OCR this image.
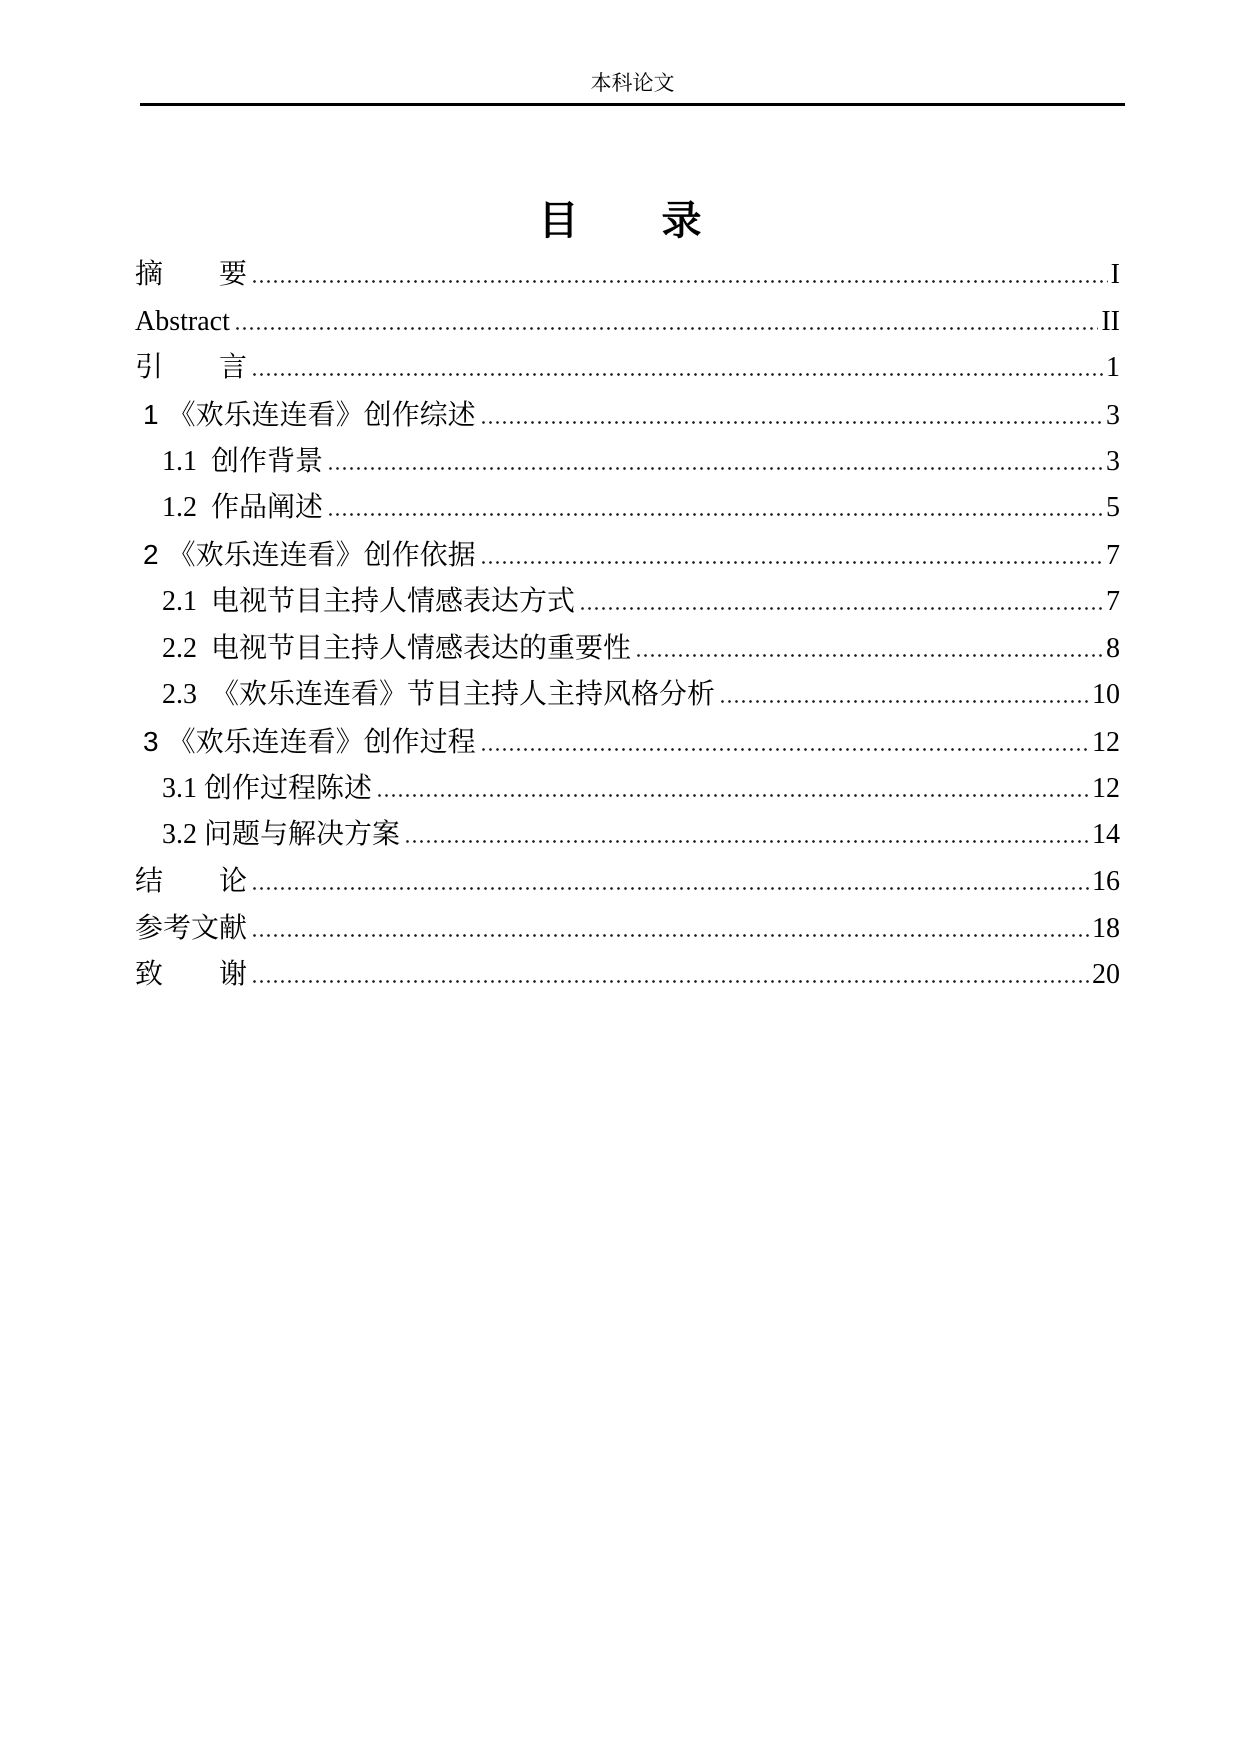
本科论文
目　　录
摘　　要	I
Abstract	II
引　　言	1
1 《欢乐连连看》创作综述	3
1.1  创作背景	3
1.2  作品阐述	5
2 《欢乐连连看》创作依据	7
2.1  电视节目主持人情感表达方式	7
2.2  电视节目主持人情感表达的重要性	8
2.3  《欢乐连连看》节目主持人主持风格分析	10
3 《欢乐连连看》创作过程	12
3.1 创作过程陈述	12
3.2 问题与解决方案	14
结　　论	16
参考文献	18
致　　谢	20
